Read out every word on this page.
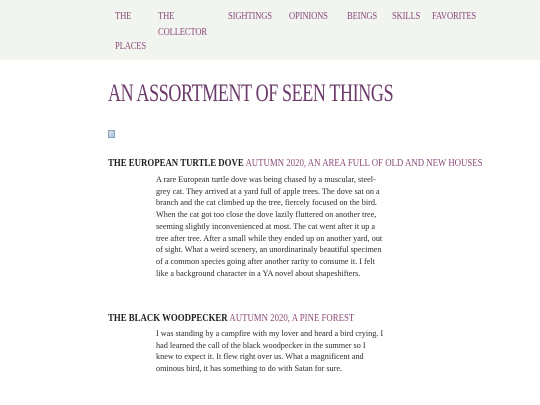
THE	THE COLLECTOR
SIGHTINGS	OPINIONS	BEINGS	SKILLS	FAVORITES
PLACES
AN ASSORTMENT OF SEEN THINGS
THE EUROPEAN TURTLE DOVE AUTUMN 2020, AN AREA FULL OF OLD AND NEW HOUSES

A rare European turtle dove was being chased by a muscular, steel-grey cat. They arrived at a yard full of apple trees. The dove sat on a branch and the cat climbed up the tree, fiercely focused on the bird. When the cat got too close the dove lazily fluttered on another tree, seeming slightly inconvenienced at most. The cat went after it up a tree after tree. After a small while they ended up on another yard, out of sight. What a weird scenery, an unordinarinaly beautiful specimen of a common species going after another rarity to consume it. I felt like a background character in a YA novel about shapeshifters.

THE BLACK WOODPECKER AUTUMN 2020, A PINE FOREST

I was standing by a campfire with my lover and heard a bird crying. I had learned the call of the black woodpecker in the summer so I knew to expect it. It flew right over us. What a magnificent and ominous bird, it has something to do with Satan for sure.
